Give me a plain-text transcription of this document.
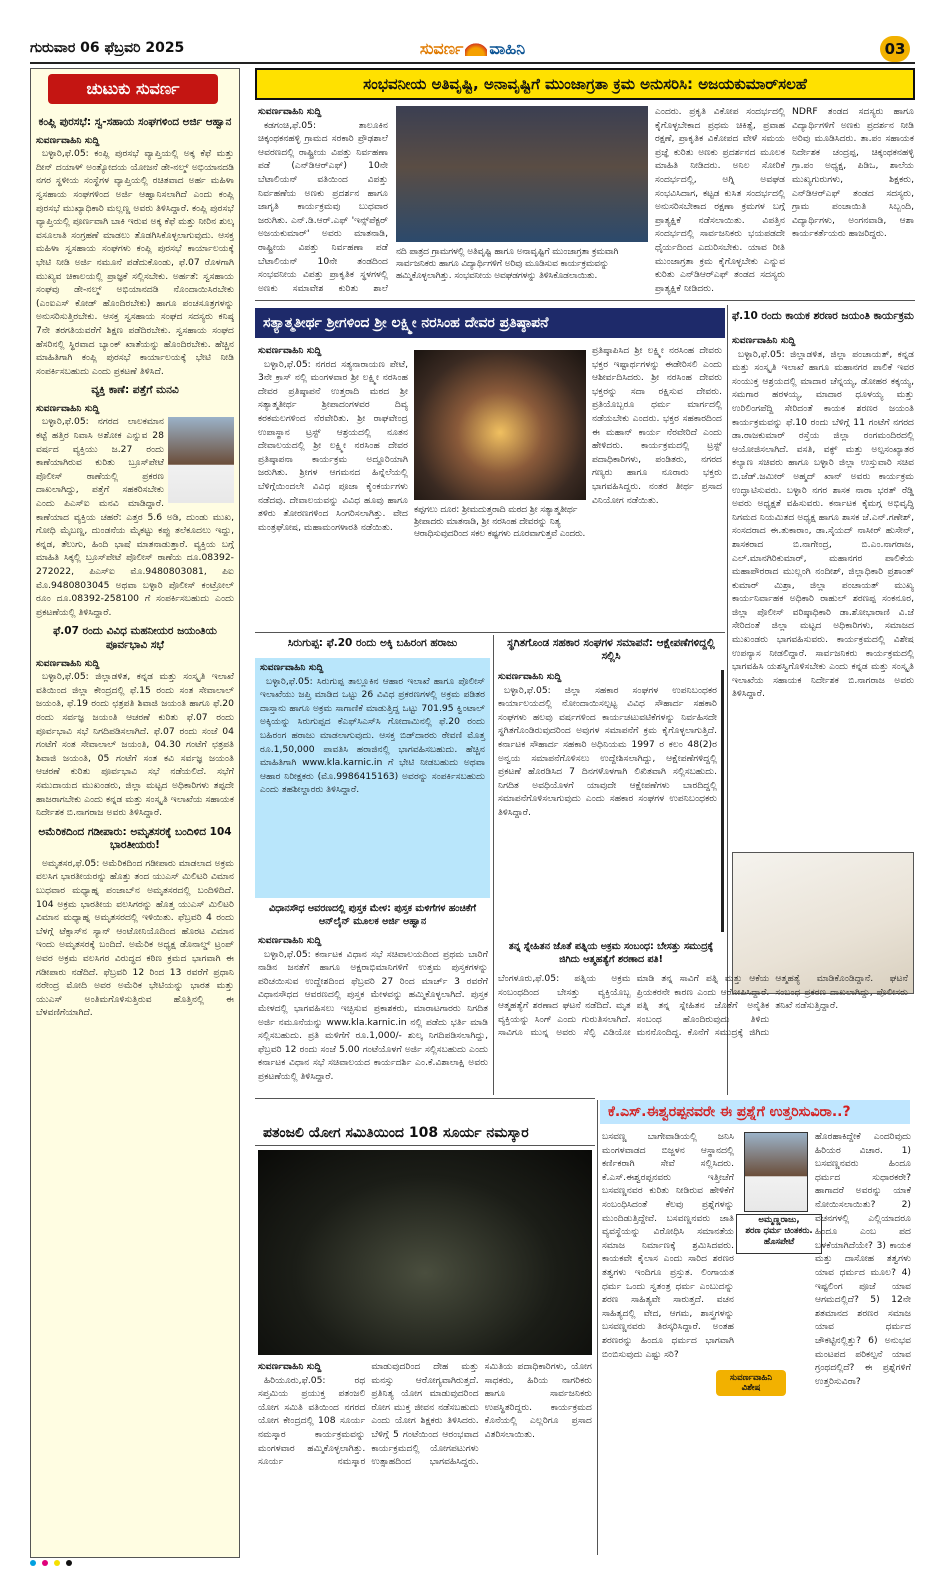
ಗುರುವಾರ 06 ಫೆಬ್ರವರಿ 2025	ಸುವರ್ಣ ವಾಹಿನಿ	03
ಚುಟುಕು ಸುವರ್ಣ
ಕಂಪ್ಲಿ ಪುರಸಭೆ: ಸ್ವ-ಸಹಾಯ ಸಂಘಗಳಿಂದ ಅರ್ಜಿ ಆಹ್ವಾನ
ಸುವರ್ಣವಾಹಿನಿ ಸುದ್ದಿ

ಬಳ್ಳಾರಿ,ಫೆ.05: ಕಂಪ್ಲಿ ಪುರಸಭೆ ವ್ಯಾಪ್ತಿಯಲ್ಲಿ ಅಕ್ಕ ಕೆಫೆ ಮತ್ತು ದೀನ್ ದಯಾಳ್ ಅಂತ್ಯೋದಯ ಯೋಜನೆ ಡೇ-ನಲ್ಮ್ ಅಭಿಯಾನದಡಿ ನಗರ ಸ್ಥಳೀಯ ಸಂಸ್ಥೆಗಳ ವ್ಯಾಪ್ತಿಯಲ್ಲಿ ರಚಿತವಾದ ಅರ್ಹ ಮಹಿಳಾ ಸ್ವಸಹಾಯ ಸಂಘಗಳಿಂದ ಅರ್ಜಿ ಆಹ್ವಾನಿಸಲಾಗಿದೆ ಎಂದು ಕಂಪ್ಲಿ ಪುರಸಭೆ ಮುಖ್ಯಾಧಿಕಾರಿ ಮಲ್ಲಣ್ಣ ಅವರು ತಿಳಿಸಿದ್ದಾರೆ. ಕಂಪ್ಲಿ ಪುರಸಭೆ ವ್ಯಾಪ್ತಿಯಲ್ಲಿ ಪೂರ್ಣವಾಗಿ ಬಾಕಿ ಇರುವ ಅಕ್ಕ ಕೆಫೆ ಮತ್ತು ನೀರಿನ ಶುಲ್ಕ ವಸೂಲಾತಿ ಸಂಗ್ರಹಣೆ ಮಾಡಲು ತೊಡಗಿಸಿಕೊಳ್ಳಲಾಗುವುದು. ಆಸಕ್ತ ಮಹಿಳಾ ಸ್ವಸಹಾಯ ಸಂಘಗಳು ಕಂಪ್ಲಿ ಪುರಸಭೆ ಕಾರ್ಯಾಲಯಕ್ಕೆ ಭೇಟಿ ನೀಡಿ ಅರ್ಜಿ ನಮೂನೆ ಪಡೆದುಕೊಂಡು, ಫೆ.07 ರೊಳಗಾಗಿ ಮುಖ್ಯವ ಚಿಕಾಲಯಲ್ಲಿ ಪ್ರಾಜ್ಞಕೆ ಸಲ್ಲಿಸಬೇಕು. ಅರ್ಹತೆ: ಸ್ವಸಹಾಯ ಸಂಘವು ಡೇ-ನಲ್ಮ್ ಅಭಿಯಾನದಡಿ ನೊಂದಾಯಿಸಿರಬೇಕು (ಎಂಐಎಸ್ ಕೋಡ್ ಹೊಂದಿರಬೇಕು) ಹಾಗೂ ಪಂಚಸೂತ್ರಗಳನ್ನು ಅನುಸರಿಸುತ್ತಿರಬೇಕು. ಆಸಕ್ತ ಸ್ವಸಹಾಯ ಸಂಘದ ಸದಸ್ಯರು ಕನಿಷ್ಠ 7ನೇ ತರಗತಿಯವರೆಗೆ ಶಿಕ್ಷಣ ಪಡೆದಿರಬೇಕು. ಸ್ವಸಹಾಯ ಸಂಘದ ಹೆಸರಿನಲ್ಲಿ ಸ್ಥಿರವಾದ ಬ್ಯಾಂಕ್ ಖಾತೆಯನ್ನು ಹೊಂದಿರಬೇಕು. ಹೆಚ್ಚಿನ ಮಾಹಿತಿಗಾಗಿ ಕಂಪ್ಲಿ ಪುರಸಭೆ ಕಾರ್ಯಾಲಯಕ್ಕೆ ಭೇಟಿ ನೀಡಿ ಸಂಪರ್ಕಿಸಬಹುದು ಎಂದು ಪ್ರಕಟಣೆ ತಿಳಿಸಿದೆ.

ವ್ಯಕ್ತಿ ಕಾಣೆ: ಪತ್ತೆಗೆ ಮನವಿ
ಸುವರ್ಣವಾಹಿನಿ ಸುದ್ದಿ

ಬಳ್ಳಾರಿ,ಫೆ.05: ನಗರದ ಲಾಲಕಮಾನ ಕಟ್ಟೆ ಹತ್ತಿರ ನಿವಾಸಿ ಅಶೋಕ ಎನ್ನುವ 28 ವರ್ಷದ ವ್ಯಕ್ತಿಯು ಜ.27 ರಂದು ಕಾಣೆಯಾಗಿರುವ ಕುರಿತು ಬ್ರೂಸ್‌ಪೇಟೆ ಪೊಲೀಸ್ ಠಾಣೆಯಲ್ಲಿ ಪ್ರಕರಣ ದಾಖಲಾಗಿದ್ದು, ಪತ್ತೆಗೆ ಸಹಕರಿಸಬೇಕು ಎಂದು ಪಿಎಸ್‌ಐ ಮನವಿ ಮಾಡಿದ್ದಾರೆ. ಕಾಣೆಯಾದ ವ್ಯಕ್ತಿಯ ಚಹರೆ: ಎತ್ತರ 5.6 ಅಡಿ, ದುಂಡು ಮುಖ, ಗೋಧಿ ಮೈಬಣ್ಣ, ದುಂಡನೆಯ ಮೈಕಟ್ಟು ಕಪ್ಪು ತಲೆಕೂದಲು ಇದ್ದು, ಕನ್ನಡ, ತೆಲುಗು, ಹಿಂದಿ ಭಾಷೆ ಮಾತನಾಡುತ್ತಾರೆ. ವ್ಯಕ್ತಿಯ ಬಗ್ಗೆ ಮಾಹಿತಿ ಸಿಕ್ಕಲ್ಲಿ ಬ್ರೂಸ್‌ಪೇಟೆ ಪೊಲೀಸ್ ಠಾಣೆಯ ದೂ.08392-272022, ಪಿಎಸ್‌ಐ ಮೊ.9480803081, ಪಿಐ ಮೊ.9480803045 ಅಥವಾ ಬಳ್ಳಾರಿ ಪೊಲೀಸ್ ಕಂಟ್ರೋಲ್ ರೂಂ ದೂ.08392-258100 ಗೆ ಸಂಪರ್ಕಿಸಬಹುದು ಎಂದು ಪ್ರಕಟಣೆಯಲ್ಲಿ ತಿಳಿಸಿದ್ದಾರೆ.

ಫೆ.07 ರಂದು ವಿವಿಧ ಮಹನೀಯರ ಜಯಂತಿಯ ಪೂರ್ವಭಾವಿ ಸಭೆ
ಸುವರ್ಣವಾಹಿನಿ ಸುದ್ದಿ

ಬಳ್ಳಾರಿ,ಫೆ.05: ಜಿಲ್ಲಾಡಳಿತ, ಕನ್ನಡ ಮತ್ತು ಸಂಸ್ಕೃತಿ ಇಲಾಖೆ ವತಿಯಿಂದ ಜಿಲ್ಲಾ ಕೇಂದ್ರದಲ್ಲಿ ಫೆ.15 ರಂದು ಸಂತ ಸೇವಾಲಾಲ್ ಜಯಂತಿ, ಫೆ.19 ರಂದು ಛತ್ರಪತಿ ಶಿವಾಜಿ ಜಯಂತಿ ಹಾಗೂ ಫೆ.20 ರಂದು ಸರ್ವಜ್ಞ ಜಯಂತಿ ಆಚರಣೆ ಕುರಿತು ಫೆ.07 ರಂದು ಪೂರ್ವಭಾವಿ ಸಭೆ ನಿಗದಿಪಡಿಸಲಾಗಿದೆ. ಫೆ.07 ರಂದು ಸಂಜೆ 04 ಗಂಟೆಗೆ ಸಂತ ಸೇವಾಲಾಲ್ ಜಯಂತಿ, 04.30 ಗಂಟೆಗೆ ಛತ್ರಪತಿ ಶಿವಾಜಿ ಜಯಂತಿ, 05 ಗಂಟೆಗೆ ಸಂತ ಕವಿ ಸರ್ವಜ್ಞ ಜಯಂತಿ ಆಚರಣೆ ಕುರಿತು ಪೂರ್ವಭಾವಿ ಸಭೆ ನಡೆಯಲಿದೆ. ಸಭೆಗೆ ಸಮುದಾಯದ ಮುಖಂಡರು, ಜಿಲ್ಲಾ ಮಟ್ಟದ ಅಧಿಕಾರಿಗಳು ತಪ್ಪದೇ ಹಾಜರಾಗಬೇಕು ಎಂದು ಕನ್ನಡ ಮತ್ತು ಸಂಸ್ಕೃತಿ ಇಲಾಖೆಯ ಸಹಾಯಕ ನಿರ್ದೇಶಕ ಬಿ.ನಾಗರಾಜ ಅವರು ತಿಳಿಸಿದ್ದಾರೆ.

ಅಮೆರಿಕದಿಂದ ಗಡೀಪಾರು: ಅಮೃತಸರಕ್ಕೆ ಬಂದಿಳಿದ 104 ಭಾರತೀಯರು!

ಅಮೃತಸರ,ಫೆ.05: ಅಮೆರಿಕದಿಂದ ಗಡೀಪಾರು ಮಾಡಲಾದ ಅಕ್ರಮ ವಲಸಿಗ ಭಾರತೀಯರನ್ನು ಹೊತ್ತು ತಂದ ಯುಎಸ್ ಮಿಲಿಟರಿ ವಿಮಾನ ಬುಧವಾರ ಮಧ್ಯಾಹ್ನ ಪಂಜಾಬ್‌ನ ಅಮೃತಸರದಲ್ಲಿ ಬಂದಿಳಿದಿದೆ. 104 ಅಕ್ರಮ ಭಾರತೀಯ ವಲಸಿಗರನ್ನು ಹೊತ್ತ ಯುಎಸ್ ಮಿಲಿಟರಿ ವಿಮಾನ ಮಧ್ಯಾಹ್ನ ಅಮೃತಸರದಲ್ಲಿ ಇಳಿಯಿತು. ಫೆಬ್ರವರಿ 4 ರಂದು ಬೆಳಗ್ಗೆ ಟೆಕ್ಸಾಸ್‌ನ ಸ್ಯಾನ್ ಆಂಟೋನಿಯೊದಿಂದ ಹೊರಟ ವಿಮಾನ ಇಂದು ಅಮೃತಸರಕ್ಕೆ ಬಂದಿದೆ. ಅಮೆರಿಕ ಅಧ್ಯಕ್ಷ ಡೊನಾಲ್ಡ್ ಟ್ರಂಪ್ ಅವರ ಅಕ್ರಮ ವಲಸಿಗರ ವಿರುದ್ಧದ ಕಠಿಣ ಕ್ರಮದ ಭಾಗವಾಗಿ ಈ ಗಡೀಪಾರು ನಡೆದಿದೆ. ಫೆಬ್ರವರಿ 12 ರಿಂದ 13 ರವರೆಗೆ ಪ್ರಧಾನಿ ನರೇಂದ್ರ ಮೋದಿ ಅವರ ಅಮೆರಿಕ ಭೇಟಿಯನ್ನು ಭಾರತ ಮತ್ತು ಯುಎಸ್ ಅಂತಿಮಗೊಳಿಸುತ್ತಿರುವ ಹೊತ್ತಿನಲ್ಲಿ ಈ ಬೆಳವಣಿಗೆಯಾಗಿದೆ.

ಸಂಭವನೀಯ ಅತಿವೃಷ್ಟಿ, ಅನಾವೃಷ್ಟಿಗೆ ಮುಂಜಾಗ್ರತಾ ಕ್ರಮ ಅನುಸರಿಸಿ: ಅಜಯಕುಮಾರ್‌ಸಲಹೆ
ಸುವರ್ಣವಾಹಿನಿ ಸುದ್ದಿ

ಕಡಗಂಚಿ,ಫೆ.05: ತಾಲೂಕಿನ ಚಿಕ್ಕಂಥಕನಹಳ್ಳಿ ಗ್ರಾಮದ ಸರಕಾರಿ ಪ್ರೌಢಶಾಲೆ ಆವರಣದಲ್ಲಿ ರಾಷ್ಟ್ರೀಯ ವಿಪತ್ತು ನಿರ್ವಹಣಾ ಪಡೆ (ಎನ್‌ಡಿಆರ್‌ಎಫ್) 10ನೇ ಬೆಟಾಲಿಯನ್ ವತಿಯಿಂದ ವಿಪತ್ತು ನಿರ್ವಹಣೆಯ ಅಣಕು ಪ್ರದರ್ಶನ ಹಾಗೂ ಜಾಗೃತಿ ಕಾರ್ಯಕ್ರಮವು ಬುಧವಾರ ಜರುಗಿತು. ಎನ್.ಡಿ.ಆರ್.ಎಫ್ 'ಇನ್ಸ್‌ಪೆಕ್ಟರ್ ಅಜಯಕುಮಾರ್' ಅವರು ಮಾತನಾಡಿ, ರಾಷ್ಟ್ರೀಯ ವಿಪತ್ತು ನಿರ್ವಹಣಾ ಪಡೆ ಬೆಟಾಲಿಯನ್ 10ನೇ ತಂಡದಿಂದ ಸಂಭವನೀಯ ವಿಪತ್ತು ಪ್ರಾಕೃತಿಕ ಸ್ಥಳಗಳಲ್ಲಿ ಅಣಕು ಸಮಾವೇಶ ಕುರಿತು ಶಾಲೆ

ನದಿ ಪಾತ್ರದ ಗ್ರಾಮಗಳಲ್ಲಿ ಅತಿವೃಷ್ಟಿ ಹಾಗೂ ಅನಾವೃಷ್ಟಿಗೆ ಮುಂಜಾಗ್ರತಾ ಕ್ರಮವಾಗಿ ಸಾರ್ವಜನಿಕರು ಹಾಗೂ ವಿದ್ಯಾರ್ಥಿಗಳಿಗೆ ಅರಿವು ಮೂಡಿಸುವ ಕಾರ್ಯಕ್ರಮವನ್ನು ಹಮ್ಮಿಕೊಳ್ಳಲಾಗಿತ್ತು. ಸಂಭವನೀಯ ಅವಘಡಗಳನ್ನು ತಿಳಿಸಿಕೊಡಲಾಯಿತು.
ಎಂದರು. ಪ್ರಕೃತಿ ವಿಕೋಪ ಸಂದರ್ಭದಲ್ಲಿ ಕೈಗೊಳ್ಳಬೇಕಾದ ಪ್ರಥಮ ಚಿಕಿತ್ಸೆ, ಪ್ರವಾಹ ರಕ್ಷಣೆ, ಪ್ರಾಕೃತಿಕ ವಿಕೋಪದ ವೇಳೆ ಸಮಯ ಪ್ರಜ್ಞೆ ಕುರಿತು ಅಣಕು ಪ್ರದರ್ಶನದ ಮೂಲಕ ಮಾಹಿತಿ ನೀಡಿದರು. ಅನಿಲ ಸೋರಿಕೆ ಸಂದರ್ಭದಲ್ಲಿ, ಅಗ್ನಿ ಅವಘಡ ಸಂಭವಿಸಿದಾಗ, ಕಟ್ಟಡ ಕುಸಿತ ಸಂದರ್ಭದಲ್ಲಿ ಅನುಸರಿಸಬೇಕಾದ ರಕ್ಷಣಾ ಕ್ರಮಗಳ ಬಗ್ಗೆ ಪ್ರಾತ್ಯಕ್ಷಿಕೆ ನಡೆಸಲಾಯಿತು. ವಿಪತ್ತಿನ ಸಂದರ್ಭದಲ್ಲಿ ಸಾರ್ವಜನಿಕರು ಭಯಪಡದೇ ಧೈರ್ಯದಿಂದ ಎದುರಿಸಬೇಕು. ಯಾವ ರೀತಿ ಮುಂಜಾಗ್ರತಾ ಕ್ರಮ ಕೈಗೊಳ್ಳಬೇಕು ಎನ್ನುವ ಕುರಿತು ಎನ್‌ಡಿಆರ್‌ಎಫ್ ತಂಡದ ಸದಸ್ಯರು ಪ್ರಾತ್ಯಕ್ಷಿಕೆ ನೀಡಿದರು.
NDRF ತಂಡದ ಸದಸ್ಯರು ಹಾಗೂ ವಿದ್ಯಾರ್ಥಿಗಳಿಗೆ ಅಣಕು ಪ್ರದರ್ಶನ ನೀಡಿ ಅರಿವು ಮೂಡಿಸಿದರು. ತಾ.ಪಂ ಸಹಾಯಕ ನಿರ್ದೇಶಕ ಚಂದ್ರಪ್ಪ, ಚಿಕ್ಕಂಥಕನಹಳ್ಳಿ ಗ್ರಾ.ಪಂ ಅಧ್ಯಕ್ಷ, ಪಿಡಿಒ, ಶಾಲೆಯ ಮುಖ್ಯಗುರುಗಳು, ಶಿಕ್ಷಕರು, ಎನ್‌ಡಿಆರ್‌ಎಫ್ ತಂಡದ ಸದಸ್ಯರು, ಗ್ರಾಮ ಪಂಚಾಯಿತಿ ಸಿಬ್ಬಂದಿ, ವಿದ್ಯಾರ್ಥಿಗಳು, ಅಂಗನವಾಡಿ, ಆಶಾ ಕಾರ್ಯಕರ್ತೆಯರು ಹಾಜರಿದ್ದರು.
ಸತ್ಯಾತ್ಮತೀರ್ಥ ಶ್ರೀಗಳಿಂದ ಶ್ರೀ ಲಕ್ಷ್ಮೀ ನರಸಿಂಹ ದೇವರ ಪ್ರತಿಷ್ಠಾಪನೆ
ಸುವರ್ಣವಾಹಿನಿ ಸುದ್ದಿ

ಬಳ್ಳಾರಿ,ಫೆ.05: ನಗರದ ಸತ್ಯನಾರಾಯಣ ಪೇಟೆ, 3ನೇ ಕ್ರಾಸ್ ನಲ್ಲಿ ಮಂಗಳವಾರ ಶ್ರೀ ಲಕ್ಷ್ಮೀ ನರಸಿಂಹ ದೇವರ ಪ್ರತಿಷ್ಠಾಪನೆ ಉತ್ತರಾದಿ ಮಠದ ಶ್ರೀ ಸತ್ಯಾತ್ಮತೀರ್ಥ ಶ್ರೀಪಾದಂಗಳವರ ದಿವ್ಯ ಕರಕಮಲಗಳಿಂದ ನೆರವೇರಿತು. ಶ್ರೀ ರಾಘವೇಂದ್ರ ಉಪಾಸ್ಥಾನ ಟ್ರಸ್ಟ್ ಆಶ್ರಯದಲ್ಲಿ ನೂತನ ದೇವಾಲಯದಲ್ಲಿ ಶ್ರೀ ಲಕ್ಷ್ಮೀ ನರಸಿಂಹ ದೇವರ ಪ್ರತಿಷ್ಠಾಪನಾ ಕಾರ್ಯಕ್ರಮ ಅದ್ದೂರಿಯಾಗಿ ಜರುಗಿತು. ಶ್ರೀಗಳ ಆಗಮನದ ಹಿನ್ನೆಲೆಯಲ್ಲಿ ಬೆಳಿಗ್ಗೆಯಿಂದಲೇ ವಿವಿಧ ಪೂಜಾ ಕೈಂಕರ್ಯಗಳು ನಡೆದವು. ದೇವಾಲಯವನ್ನು ವಿವಿಧ ಹೂವು ಹಾಗೂ ತಳಿರು ತೋರಣಗಳಿಂದ ಸಿಂಗರಿಸಲಾಗಿತ್ತು. ವೇದ ಮಂತ್ರಘೋಷ, ಮಹಾಮಂಗಳಾರತಿ ನಡೆಯಿತು.

ಕಪ್ಪಗಲು ದೂರ: ಶ್ರೀಮದುತ್ತರಾದಿ ಮಠದ ಶ್ರೀ ಸತ್ಯಾತ್ಮತೀರ್ಥ ಶ್ರೀಪಾದರು ಮಾತನಾಡಿ, ಶ್ರೀ ನರಸಿಂಹ ದೇವರನ್ನು ನಿತ್ಯ ಆರಾಧಿಸುವುದರಿಂದ ಸಕಲ ಕಷ್ಟಗಳು ದೂರವಾಗುತ್ತವೆ ಎಂದರು.
ಪ್ರತಿಷ್ಠಾಪಿಸಿದ ಶ್ರೀ ಲಕ್ಷ್ಮೀ ನರಸಿಂಹ ದೇವರು ಭಕ್ತರ ಇಷ್ಟಾರ್ಥಗಳನ್ನು ಈಡೇರಿಸಲಿ ಎಂದು ಆಶೀರ್ವದಿಸಿದರು. ಶ್ರೀ ನರಸಿಂಹ ದೇವರು ಭಕ್ತರನ್ನು ಸದಾ ರಕ್ಷಿಸುವ ದೇವರು. ಪ್ರತಿಯೊಬ್ಬರೂ ಧರ್ಮ ಮಾರ್ಗದಲ್ಲಿ ನಡೆಯಬೇಕು ಎಂದರು. ಭಕ್ತರ ಸಹಕಾರದಿಂದ ಈ ಮಹಾನ್ ಕಾರ್ಯ ನೆರವೇರಿದೆ ಎಂದು ಹೇಳಿದರು. ಕಾರ್ಯಕ್ರಮದಲ್ಲಿ ಟ್ರಸ್ಟ್ ಪದಾಧಿಕಾರಿಗಳು, ಪಂಡಿತರು, ನಗರದ ಗಣ್ಯರು ಹಾಗೂ ನೂರಾರು ಭಕ್ತರು ಭಾಗವಹಿಸಿದ್ದರು. ನಂತರ ತೀರ್ಥ ಪ್ರಸಾದ ವಿನಿಯೋಗ ನಡೆಯಿತು.
ಫೆ.10 ರಂದು ಕಾಯಕ ಶರಣರ ಜಯಂತಿ ಕಾರ್ಯಕ್ರಮ
ಸುವರ್ಣವಾಹಿನಿ ಸುದ್ದಿ

ಬಳ್ಳಾರಿ,ಫೆ.05: ಜಿಲ್ಲಾಡಳಿತ, ಜಿಲ್ಲಾ ಪಂಚಾಯತ್, ಕನ್ನಡ ಮತ್ತು ಸಂಸ್ಕೃತಿ ಇಲಾಖೆ ಹಾಗೂ ಮಹಾನಗರ ಪಾಲಿಕೆ ಇವರ ಸಂಯುಕ್ತ ಆಶ್ರಯದಲ್ಲಿ ಮಾದಾರ ಚೆನ್ನಯ್ಯ, ಡೋಹರ ಕಕ್ಕಯ್ಯ, ಸಮಗಾರ ಹರಳಯ್ಯ, ಮಾದಾರ ಧೂಳಯ್ಯ ಮತ್ತು ಉರಿಲಿಂಗಪೆದ್ದಿ ಸೇರಿದಂತೆ ಕಾಯಕ ಶರಣರ ಜಯಂತಿ ಕಾರ್ಯಕ್ರಮವನ್ನು ಫೆ.10 ರಂದು ಬೆಳಿಗ್ಗೆ 11 ಗಂಟೆಗೆ ನಗರದ ಡಾ.ರಾಜಕುಮಾರ್ ರಸ್ತೆಯ ಜಿಲ್ಲಾ ರಂಗಮಂದಿರದಲ್ಲಿ ಆಯೋಜಿಸಲಾಗಿದೆ. ವಸತಿ, ವಕ್ಫ್ ಮತ್ತು ಅಲ್ಪಸಂಖ್ಯಾತರ ಕಲ್ಯಾಣ ಸಚಿವರು ಹಾಗೂ ಬಳ್ಳಾರಿ ಜಿಲ್ಲಾ ಉಸ್ತುವಾರಿ ಸಚಿವ ಬಿ.ಜೆಡ್.ಜಮೀರ್ ಅಹ್ಮದ್ ಖಾನ್ ಅವರು ಕಾರ್ಯಕ್ರಮ ಉದ್ಘಾಟಿಸುವರು. ಬಳ್ಳಾರಿ ನಗರ ಶಾಸಕ ನಾರಾ ಭರತ್ ರೆಡ್ಡಿ ಅವರು ಅಧ್ಯಕ್ಷತೆ ವಹಿಸುವರು. ಕರ್ನಾಟಕ ಕೈಮಗ್ಗ ಅಭಿವೃದ್ಧಿ ನಿಗಮದ ನಿಯಮಿತದ ಅಧ್ಯಕ್ಷ ಹಾಗೂ ಶಾಸಕ ಜೆ.ಎನ್.ಗಣೇಶ್, ಸಂಸದರಾದ ಈ.ತುಕಾರಾಂ, ಡಾ.ಸೈಯದ್ ನಾಸೀರ್ ಹುಸೇನ್, ಶಾಸಕರಾದ ಬಿ.ನಾಗೇಂದ್ರ, ಬಿ.ಎಂ.ನಾಗರಾಜ, ಎಲ್.ಮಾನಗಿರಿಕುಮಾರ್, ಮಹಾನಗರ ಪಾಲಿಕೆಯ ಮಹಾಪೌರರಾದ ಮುಲ್ಲಂಗಿ ನಂದೀಶ್, ಜಿಲ್ಲಾಧಿಕಾರಿ ಪ್ರಶಾಂತ್ ಕುಮಾರ್ ಮಿಶ್ರಾ, ಜಿಲ್ಲಾ ಪಂಚಾಯತ್ ಮುಖ್ಯ ಕಾರ್ಯನಿರ್ವಾಹಕ ಅಧಿಕಾರಿ ರಾಹುಲ್ ಶರಣಪ್ಪ ಸಂಕನೂರ, ಜಿಲ್ಲಾ ಪೊಲೀಸ್ ವರಿಷ್ಠಾಧಿಕಾರಿ ಡಾ.ಶೋಭಾರಾಣಿ ವಿ.ಜೆ ಸೇರಿದಂತೆ ಜಿಲ್ಲಾ ಮಟ್ಟದ ಅಧಿಕಾರಿಗಳು, ಸಮಾಜದ ಮುಖಂಡರು ಭಾಗವಹಿಸುವರು. ಕಾರ್ಯಕ್ರಮದಲ್ಲಿ ವಿಶೇಷ ಉಪನ್ಯಾಸ ನೀಡಲಿದ್ದಾರೆ. ಸಾರ್ವಜನಿಕರು ಕಾರ್ಯಕ್ರಮದಲ್ಲಿ ಭಾಗವಹಿಸಿ ಯಶಸ್ವಿಗೊಳಿಸಬೇಕು ಎಂದು ಕನ್ನಡ ಮತ್ತು ಸಂಸ್ಕೃತಿ ಇಲಾಖೆಯ ಸಹಾಯಕ ನಿರ್ದೇಶಕ ಬಿ.ನಾಗರಾಜ ಅವರು ತಿಳಿಸಿದ್ದಾರೆ.

ಸಿರುಗುಪ್ಪ: ಫೆ.20 ರಂದು ಅಕ್ಕಿ ಬಹಿರಂಗ ಹರಾಜು
ಸುವರ್ಣವಾಹಿನಿ ಸುದ್ದಿ

ಬಳ್ಳಾರಿ,ಫೆ.05: ಸಿರುಗುಪ್ಪ ತಾಲ್ಲೂಕಿನ ಆಹಾರ ಇಲಾಖೆ ಹಾಗೂ ಪೊಲೀಸ್ ಇಲಾಖೆಯು ಜಪ್ತಿ ಮಾಡಿದ ಒಟ್ಟು 26 ವಿವಿಧ ಪ್ರಕರಣಗಳಲ್ಲಿ ಅಕ್ರಮ ಪಡಿತರ ದಾಸ್ತಾನು ಹಾಗೂ ಅಕ್ರಮ ಸಾಗಾಣಿಕೆ ಮಾಡುತ್ತಿದ್ದ ಒಟ್ಟು 701.95 ಕ್ವಿಂಟಾಲ್ ಅಕ್ಕಿಯನ್ನು ಸಿರುಗುಪ್ಪದ ಕೆಎಫ್‌ಸಿಎಸ್‌ಸಿ ಗೋದಾಮಿನಲ್ಲಿ ಫೆ.20 ರಂದು ಬಹಿರಂಗ ಹರಾಜು ಮಾಡಲಾಗುವುದು. ಆಸಕ್ತ ಬಿಡ್‌ದಾರರು ಠೇವಣಿ ಮೊತ್ತ ರೂ.1,50,000 ಪಾವತಿಸಿ ಹರಾಜಿನಲ್ಲಿ ಭಾಗವಹಿಸಬಹುದು. ಹೆಚ್ಚಿನ ಮಾಹಿತಿಗಾಗಿ www.kla.karnic.in ಗೆ ಭೇಟಿ ನೀಡಬಹುದು ಅಥವಾ ಆಹಾರ ನಿರೀಕ್ಷಕರು (ಮೊ.9986415163) ಅವರನ್ನು ಸಂಪರ್ಕಿಸಬಹುದು ಎಂದು ತಹಶೀಲ್ದಾರರು ತಿಳಿಸಿದ್ದಾರೆ.

ಸ್ಥಗಿತಗೊಂಡ ಸಹಕಾರ ಸಂಘಗಳ ಸಮಾಪನೆ: ಆಕ್ಷೇಪಣೆಗಳಿದ್ದಲ್ಲಿ ಸಲ್ಲಿಸಿ
ಸುವರ್ಣವಾಹಿನಿ ಸುದ್ದಿ

ಬಳ್ಳಾರಿ,ಫೆ.05: ಜಿಲ್ಲಾ ಸಹಕಾರ ಸಂಘಗಳ ಉಪನಿಬಂಧಕರ ಕಾರ್ಯಾಲಯದಲ್ಲಿ ನೋಂದಾಯಿಸಲ್ಪಟ್ಟ ವಿವಿಧ ಸೌಹಾರ್ದ ಸಹಕಾರಿ ಸಂಘಗಳು ಹಲವು ವರ್ಷಗಳಿಂದ ಕಾರ್ಯಚಟುವಟಿಕೆಗಳನ್ನು ನಿರ್ವಹಿಸದೇ ಸ್ಥಗಿತಗೊಂಡಿರುವುದರಿಂದ ಅವುಗಳ ಸಮಾಪನೆಗೆ ಕ್ರಮ ಕೈಗೊಳ್ಳಲಾಗುತ್ತಿದೆ. ಕರ್ನಾಟಕ ಸೌಹಾರ್ದ ಸಹಕಾರಿ ಅಧಿನಿಯಮ 1997 ರ ಕಲಂ 48(2)ರ ಅನ್ವಯ ಸಮಾಪನೆಗೊಳಿಸಲು ಉದ್ದೇಶಿಸಲಾಗಿದ್ದು, ಆಕ್ಷೇಪಣೆಗಳಿದ್ದಲ್ಲಿ ಪ್ರಕಟಣೆ ಹೊರಡಿಸಿದ 7 ದಿನಗಳೊಳಗಾಗಿ ಲಿಖಿತವಾಗಿ ಸಲ್ಲಿಸಬಹುದು. ನಿಗದಿತ ಅವಧಿಯೊಳಗೆ ಯಾವುದೇ ಆಕ್ಷೇಪಣೆಗಳು ಬಾರದಿದ್ದಲ್ಲಿ ಸಮಾಪನೆಗೊಳಿಸಲಾಗುವುದು ಎಂದು ಸಹಕಾರ ಸಂಘಗಳ ಉಪನಿಬಂಧಕರು ತಿಳಿಸಿದ್ದಾರೆ.

ವಿಧಾನಸೌಧ ಆವರಣದಲ್ಲಿ ಪುಸ್ತಕ ಮೇಳ: ಪುಸ್ತಕ ಮಳಿಗೆಗಳ ಹಂಚಿಕೆಗೆ ಆನ್‌ಲೈನ್ ಮೂಲಕ ಅರ್ಜಿ ಆಹ್ವಾನ
ಸುವರ್ಣವಾಹಿನಿ ಸುದ್ದಿ

ಬಳ್ಳಾರಿ,ಫೆ.05: ಕರ್ನಾಟಕ ವಿಧಾನ ಸಭೆ ಸಚಿವಾಲಯದಿಂದ ಪ್ರಥಮ ಬಾರಿಗೆ ನಾಡಿನ ಜನತೆಗೆ ಹಾಗೂ ಅಕ್ಷರಾಭಿಮಾನಿಗಳಿಗೆ ಉತ್ತಮ ಪುಸ್ತಕಗಳನ್ನು ಪರಿಚಯಿಸುವ ಉದ್ದೇಶದಿಂದ ಫೆಬ್ರವರಿ 27 ರಿಂದ ಮಾರ್ಚ್ 3 ರವರೆಗೆ ವಿಧಾನಸೌಧದ ಆವರಣದಲ್ಲಿ ಪುಸ್ತಕ ಮೇಳವನ್ನು ಹಮ್ಮಿಕೊಳ್ಳಲಾಗಿದೆ. ಪುಸ್ತಕ ಮೇಳದಲ್ಲಿ ಭಾಗವಹಿಸಲು ಇಚ್ಛಿಸುವ ಪ್ರಕಾಶಕರು, ಮಾರಾಟಗಾರರು ನಿಗದಿತ ಅರ್ಜಿ ನಮೂನೆಯನ್ನು www.kla.karnic.in ನಲ್ಲಿ ಪಡೆದು ಭರ್ತಿ ಮಾಡಿ ಸಲ್ಲಿಸಬಹುದು. ಪ್ರತಿ ಮಳಿಗೆಗೆ ರೂ.1,000/- ಶುಲ್ಕ ನಿಗದಿಪಡಿಸಲಾಗಿದ್ದು, ಫೆಬ್ರವರಿ 12 ರಂದು ಸಂಜೆ 5.00 ಗಂಟೆಯೊಳಗೆ ಅರ್ಜಿ ಸಲ್ಲಿಸಬಹುದು ಎಂದು ಕರ್ನಾಟಕ ವಿಧಾನ ಸಭೆ ಸಚಿವಾಲಯದ ಕಾರ್ಯದರ್ಶಿ ಎಂ.ಕೆ.ವಿಶಾಲಾಕ್ಷಿ ಅವರು ಪ್ರಕಟಣೆಯಲ್ಲಿ ತಿಳಿಸಿದ್ದಾರೆ.

ತನ್ನ ಸ್ನೇಹಿತನ ಜೊತೆ ಪತ್ನಿಯ ಅಕ್ರಮ ಸಂಬಂಧ: ಬೇಸತ್ತು ಸಮುದ್ರಕ್ಕೆ ಜಿಗಿದು ಆತ್ಮಹತ್ಯೆಗೆ ಶರಣಾದ ಪತಿ!
ಬೆಂಗಳೂರು,ಫೆ.05: ಪತ್ನಿಯ ಅಕ್ರಮ ಸಂಬಂಧದಿಂದ ಬೇಸತ್ತು ವ್ಯಕ್ತಿಯೊಬ್ಬ ಆತ್ಮಹತ್ಯೆಗೆ ಶರಣಾದ ಘಟನೆ ನಡೆದಿದೆ. ಮೃತ ವ್ಯಕ್ತಿಯನ್ನು ಸಿಂಗ್ ಎಂದು ಗುರುತಿಸಲಾಗಿದೆ. ಸಾವಿಗೂ ಮುನ್ನ ಅವರು ಸೆಲ್ಫಿ ವಿಡಿಯೋ ಮಾಡಿ ತನ್ನ ಸಾವಿಗೆ ಪತ್ನಿ ಮತ್ತು ಆಕೆಯ ಪ್ರಿಯಕರನೇ ಕಾರಣ ಎಂದು ಆರೋಪಿಸಿದ್ದಾರೆ. ಪತ್ನಿ ತನ್ನ ಸ್ನೇಹಿತನ ಜೊತೆಗೆ ಅನೈತಿಕ ಸಂಬಂಧ ಹೊಂದಿರುವುದು ತಿಳಿದು ಮನನೊಂದಿದ್ದ. ಕೊನೆಗೆ ಸಮುದ್ರಕ್ಕೆ ಜಿಗಿದು ಆತ್ಮಹತ್ಯೆ ಮಾಡಿಕೊಂಡಿದ್ದಾನೆ. ಘಟನೆ ಸಂಬಂಧ ಪ್ರಕರಣ ದಾಖಲಾಗಿದ್ದು, ಪೊಲೀಸರು ತನಿಖೆ ನಡೆಸುತ್ತಿದ್ದಾರೆ.
ಪತಂಜಲಿ ಯೋಗ ಸಮಿತಿಯಿಂದ 108 ಸೂರ್ಯ ನಮಸ್ಕಾರ
ಸುವರ್ಣವಾಹಿನಿ ಸುದ್ದಿ

ಹಿರಿಯೂರು,ಫೆ.05: ರಥ ಸಪ್ತಮಿಯ ಪ್ರಯುಕ್ತ ಪತಂಜಲಿ ಯೋಗ ಸಮಿತಿ ವತಿಯಿಂದ ನಗರದ ಯೋಗ ಕೇಂದ್ರದಲ್ಲಿ 108 ಸೂರ್ಯ ನಮಸ್ಕಾರ ಕಾರ್ಯಕ್ರಮವನ್ನು ಮಂಗಳವಾರ ಹಮ್ಮಿಕೊಳ್ಳಲಾಗಿತ್ತು. ಸೂರ್ಯ ನಮಸ್ಕಾರ ಮಾಡುವುದರಿಂದ ದೇಹ ಮತ್ತು ಮನಸ್ಸು ಆರೋಗ್ಯವಾಗಿರುತ್ತದೆ. ಪ್ರತಿನಿತ್ಯ ಯೋಗ ಮಾಡುವುದರಿಂದ ರೋಗ ಮುಕ್ತ ಜೀವನ ನಡೆಸಬಹುದು ಎಂದು ಯೋಗ ಶಿಕ್ಷಕರು ತಿಳಿಸಿದರು. ಬೆಳಿಗ್ಗೆ 5 ಗಂಟೆಯಿಂದ ಆರಂಭವಾದ ಕಾರ್ಯಕ್ರಮದಲ್ಲಿ ಯೋಗಪಟುಗಳು ಉತ್ಸಾಹದಿಂದ ಭಾಗವಹಿಸಿದ್ದರು. ಸಮಿತಿಯ ಪದಾಧಿಕಾರಿಗಳು, ಯೋಗ ಸಾಧಕರು, ಹಿರಿಯ ನಾಗರಿಕರು ಹಾಗೂ ಸಾರ್ವಜನಿಕರು ಉಪಸ್ಥಿತರಿದ್ದರು. ಕಾರ್ಯಕ್ರಮದ ಕೊನೆಯಲ್ಲಿ ಎಲ್ಲರಿಗೂ ಪ್ರಸಾದ ವಿತರಿಸಲಾಯಿತು.

ಕೆ.ಎಸ್.ಈಶ್ವರಪ್ಪನವರೇ ಈ ಪ್ರಶ್ನೆಗೆ ಉತ್ತರಿಸುವಿರಾ..?
ಅಮ್ಮಣ್ಣರಾಜು,
ಶರಣ ಧರ್ಮ ಚಿಂತಕರು.
ಹೊಸಪೇಟೆ
ಬಸವಣ್ಣ ಬಾಗೇವಾಡಿಯಲ್ಲಿ ಜನಿಸಿ ಮಂಗಳವಾಡದ ಬಿಜ್ಜಳನ ಆಸ್ಥಾನದಲ್ಲಿ ಕರ್ಣಿಕರಾಗಿ ಸೇವೆ ಸಲ್ಲಿಸಿದರು. ಕೆ.ಎಸ್.ಈಶ್ವರಪ್ಪನವರು ಇತ್ತೀಚೆಗೆ ಬಸವಣ್ಣನವರ ಕುರಿತು ನೀಡಿರುವ ಹೇಳಿಕೆಗೆ ಸಂಬಂಧಿಸಿದಂತೆ ಕೆಲವು ಪ್ರಶ್ನೆಗಳನ್ನು ಮುಂದಿಡುತ್ತಿದ್ದೇವೆ. ಬಸವಣ್ಣನವರು ಜಾತಿ ವ್ಯವಸ್ಥೆಯನ್ನು ವಿರೋಧಿಸಿ ಸಮಾನತೆಯ ಸಮಾಜ ನಿರ್ಮಾಣಕ್ಕೆ ಶ್ರಮಿಸಿದವರು. ಕಾಯಕವೇ ಕೈಲಾಸ ಎಂದು ಸಾರಿದ ಶರಣರ ತತ್ವಗಳು ಇಂದಿಗೂ ಪ್ರಸ್ತುತ. ಲಿಂಗಾಯತ ಧರ್ಮ ಒಂದು ಸ್ವತಂತ್ರ ಧರ್ಮ ಎಂಬುದನ್ನು ಶರಣ ಸಾಹಿತ್ಯವೇ ಸಾರುತ್ತದೆ. ವಚನ ಸಾಹಿತ್ಯದಲ್ಲಿ ವೇದ, ಆಗಮ, ಶಾಸ್ತ್ರಗಳನ್ನು ಬಸವಣ್ಣನವರು ತಿರಸ್ಕರಿಸಿದ್ದಾರೆ. ಅಂತಹ ಶರಣರನ್ನು ಹಿಂದೂ ಧರ್ಮದ ಭಾಗವಾಗಿ ಬಿಂಬಿಸುವುದು ಎಷ್ಟು ಸರಿ?
ಸುವರ್ಣವಾಹಿನಿ
ವಿಶೇಷ
ಹೊರಹಾಕಿದ್ದೇಕೆ ಎಂದರಿವುದು ಹಿರಿಯರ ವಿಚಾರ. 1) ಬಸವಣ್ಣನವರು ಹಿಂದೂ ಧರ್ಮದ ಸುಧಾರಕರೇ? ಹಾಗಾದರೆ ಅವರನ್ನು ಯಾಕೆ ನೋಯಿಸಲಾಯಿತು? 2) ವಚನಗಳಲ್ಲಿ ಎಲ್ಲಿಯಾದರೂ ಹಿಂದೂ ಎಂಬ ಪದ ಬಳಕೆಯಾಗಿದೆಯೇ? 3) ಕಾಯಕ ಮತ್ತು ದಾಸೋಹ ತತ್ವಗಳು ಯಾವ ಧರ್ಮದ ಮೂಲ? 4) ಇಷ್ಟಲಿಂಗ ಪೂಜೆ ಯಾವ ಆಗಮದಲ್ಲಿದೆ? 5) 12ನೇ ಶತಮಾನದ ಶರಣರ ಸಮಾಜ ಯಾವ ಧರ್ಮದ ಚೌಕಟ್ಟಿನಲ್ಲಿತ್ತು? 6) ಅನುಭವ ಮಂಟಪದ ಪರಿಕಲ್ಪನೆ ಯಾವ ಗ್ರಂಥದಲ್ಲಿದೆ? ಈ ಪ್ರಶ್ನೆಗಳಿಗೆ ಉತ್ತರಿಸುವಿರಾ?
